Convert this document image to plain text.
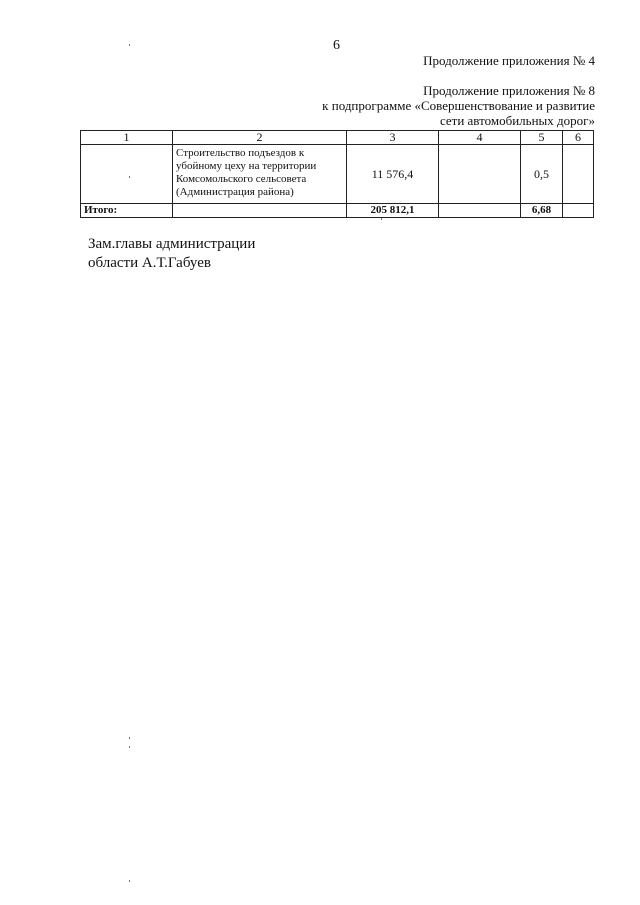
6
Продолжение приложения № 4
Продолжение приложения № 8
к подпрограмме «Совершенствование и развитие
сети автомобильных дорог»
1	2	3	4	5	6
	Строительство подъездов к убойному цеху на территории Комсомольского сельсовета (Администрация района)	11 576,4		0,5	
Итого:		205 812,1		6,68	
Зам.главы администрации
области А.Т.Габуев
